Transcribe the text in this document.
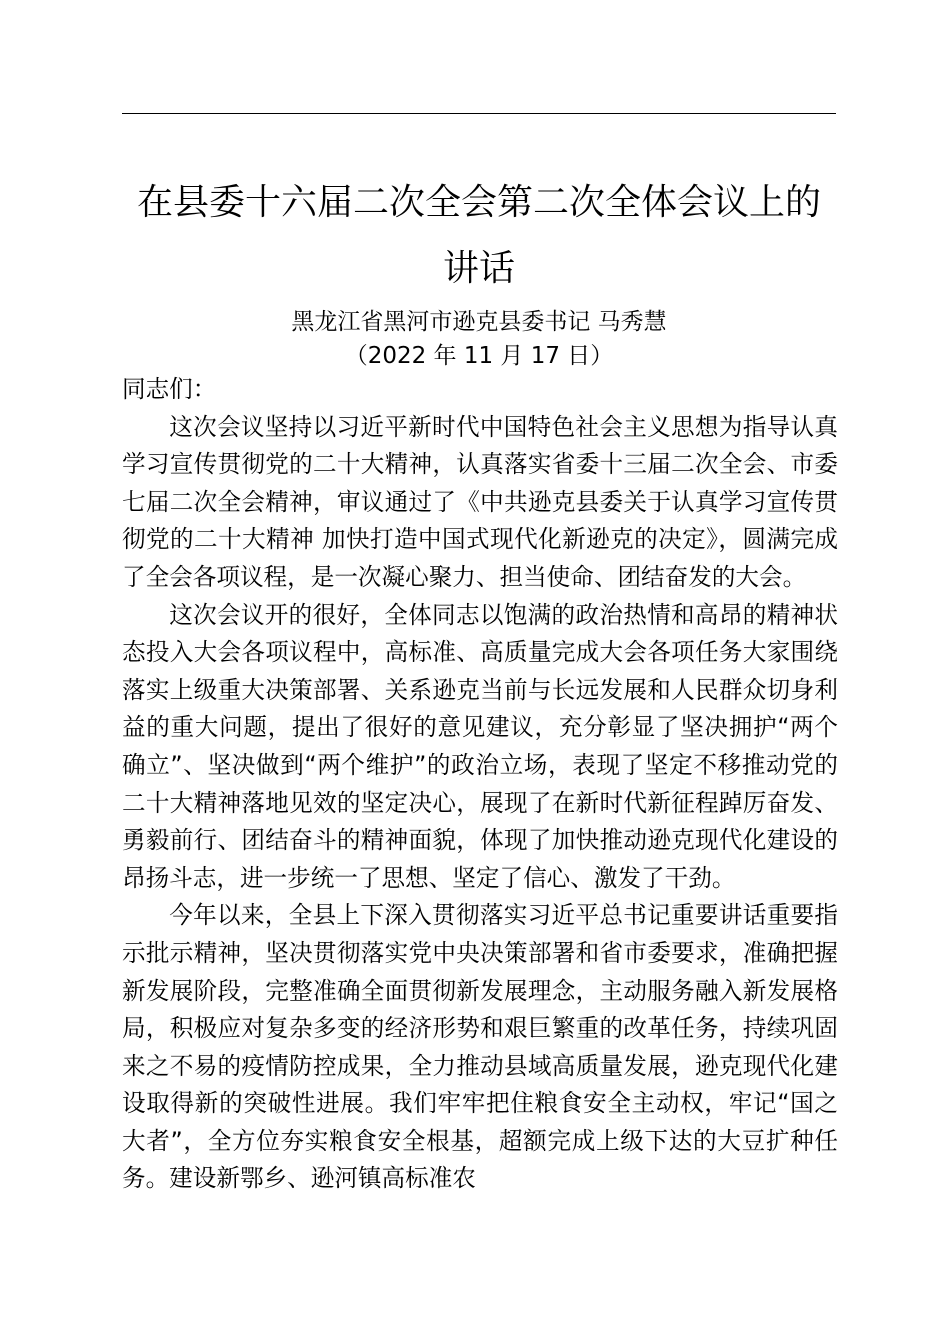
在县委十六届二次全会第二次全体会议上的讲话
黑龙江省黑河市逊克县委书记 马秀慧
（2022 年 11 月 17 日）

同志们：

这次会议坚持以习近平新时代中国特色社会主义思想为指导认真学习宣传贯彻党的二十大精神，认真落实省委十三届二次全会、市委七届二次全会精神，审议通过了《中共逊克县委关于认真学习宣传贯彻党的二十大精神 加快打造中国式现代化新逊克的决定》，圆满完成了全会各项议程，是一次凝心聚力、担当使命、团结奋发的大会。

这次会议开的很好，全体同志以饱满的政治热情和高昂的精神状态投入大会各项议程中，高标准、高质量完成大会各项任务大家围绕落实上级重大决策部署、关系逊克当前与长远发展和人民群众切身利益的重大问题，提出了很好的意见建议，充分彰显了坚决拥护“两个确立”、坚决做到“两个维护”的政治立场，表现了坚定不移推动党的二十大精神落地见效的坚定决心，展现了在新时代新征程踔厉奋发、勇毅前行、团结奋斗的精神面貌，体现了加快推动逊克现代化建设的昂扬斗志，进一步统一了思想、坚定了信心、激发了干劲。

今年以来，全县上下深入贯彻落实习近平总书记重要讲话重要指示批示精神，坚决贯彻落实党中央决策部署和省市委要求，准确把握新发展阶段，完整准确全面贯彻新发展理念，主动服务融入新发展格局，积极应对复杂多变的经济形势和艰巨繁重的改革任务，持续巩固来之不易的疫情防控成果，全力推动县域高质量发展，逊克现代化建设取得新的突破性进展。我们牢牢把住粮食安全主动权，牢记“国之大者”，全方位夯实粮食安全根基，超额完成上级下达的大豆扩种任务。建设新鄂乡、逊河镇高标准农
